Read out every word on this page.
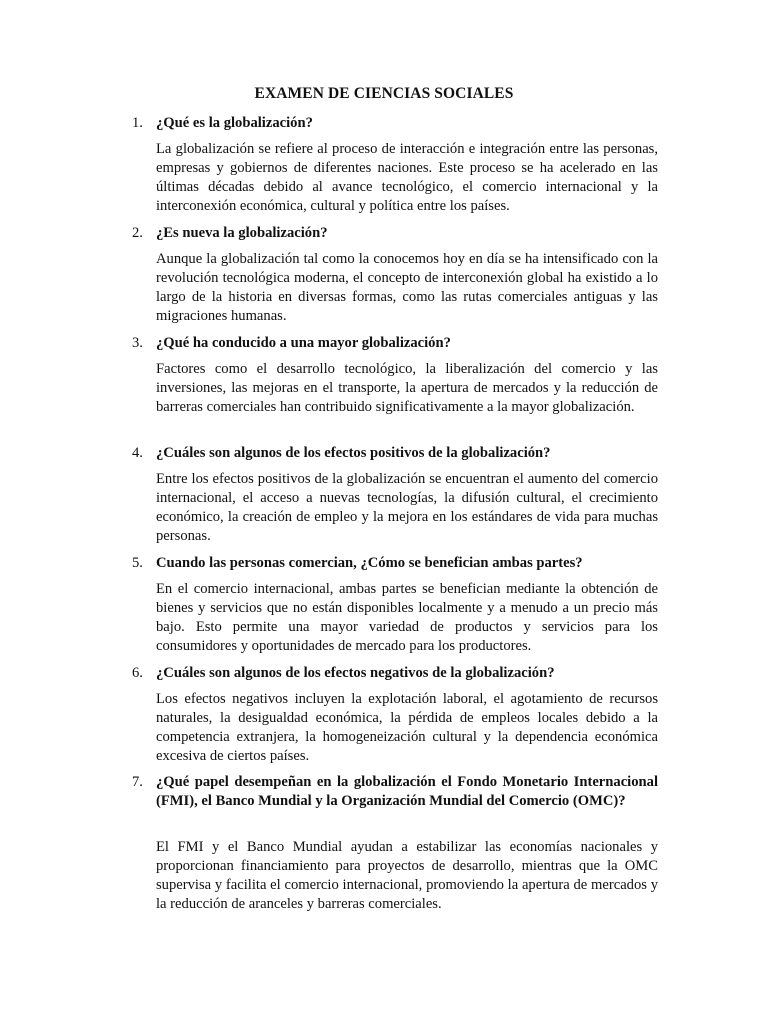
EXAMEN DE CIENCIAS SOCIALES
1. ¿Qué es la globalización?
La globalización se refiere al proceso de interacción e integración entre las personas, empresas y gobiernos de diferentes naciones. Este proceso se ha acelerado en las últimas décadas debido al avance tecnológico, el comercio internacional y la interconexión económica, cultural y política entre los países.
2. ¿Es nueva la globalización?
Aunque la globalización tal como la conocemos hoy en día se ha intensificado con la revolución tecnológica moderna, el concepto de interconexión global ha existido a lo largo de la historia en diversas formas, como las rutas comerciales antiguas y las migraciones humanas.
3. ¿Qué ha conducido a una mayor globalización?
Factores como el desarrollo tecnológico, la liberalización del comercio y las inversiones, las mejoras en el transporte, la apertura de mercados y la reducción de barreras comerciales han contribuido significativamente a la mayor globalización.
4. ¿Cuáles son algunos de los efectos positivos de la globalización?
Entre los efectos positivos de la globalización se encuentran el aumento del comercio internacional, el acceso a nuevas tecnologías, la difusión cultural, el crecimiento económico, la creación de empleo y la mejora en los estándares de vida para muchas personas.
5. Cuando las personas comercian, ¿Cómo se benefician ambas partes?
En el comercio internacional, ambas partes se benefician mediante la obtención de bienes y servicios que no están disponibles localmente y a menudo a un precio más bajo. Esto permite una mayor variedad de productos y servicios para los consumidores y oportunidades de mercado para los productores.
6. ¿Cuáles son algunos de los efectos negativos de la globalización?
Los efectos negativos incluyen la explotación laboral, el agotamiento de recursos naturales, la desigualdad económica, la pérdida de empleos locales debido a la competencia extranjera, la homogeneización cultural y la dependencia económica excesiva de ciertos países.
7. ¿Qué papel desempeñan en la globalización el Fondo Monetario Internacional (FMI), el Banco Mundial y la Organización Mundial del Comercio (OMC)?
El FMI y el Banco Mundial ayudan a estabilizar las economías nacionales y proporcionan financiamiento para proyectos de desarrollo, mientras que la OMC supervisa y facilita el comercio internacional, promoviendo la apertura de mercados y la reducción de aranceles y barreras comerciales.
